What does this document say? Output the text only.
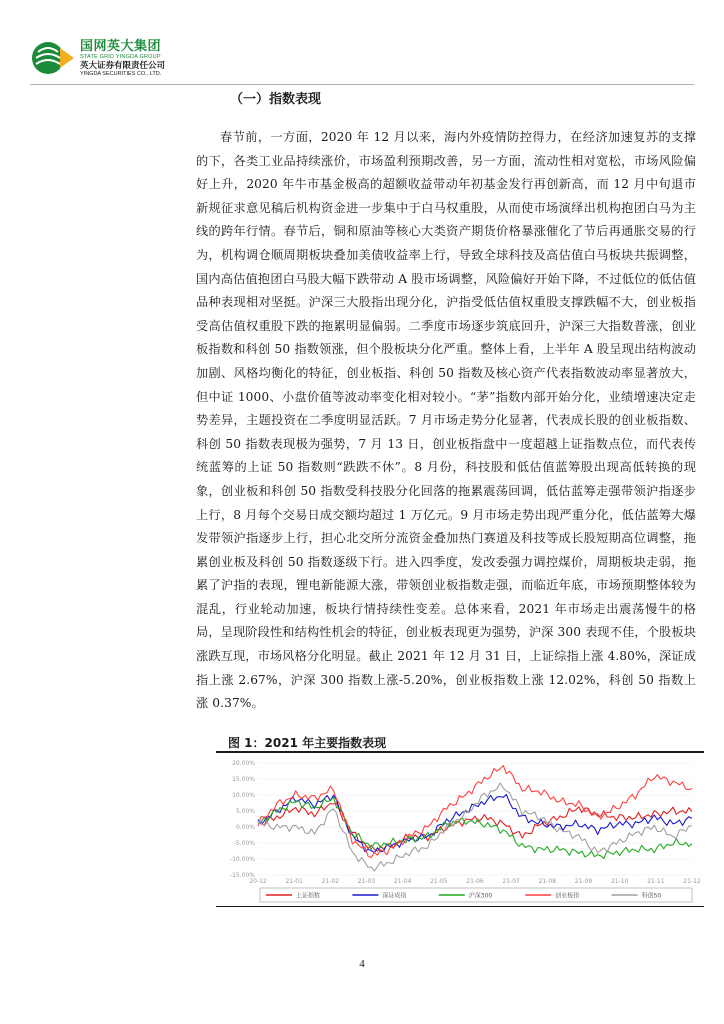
国网英大集团
STATE GRID YINGDA GROUP
英大证券有限责任公司
YINGDA SECURITIES CO., LTD.
（一）指数表现

春节前，一方面，2020 年 12 月以来，海内外疫情防控得力，在经济加速复苏的支撑的下，各类工业品持续涨价，市场盈利预期改善，另一方面，流动性相对宽松，市场风险偏好上升，2020 年牛市基金极高的超额收益带动年初基金发行再创新高，而 12 月中旬退市新规征求意见稿后机构资金进一步集中于白马权重股，从而使市场演绎出机构抱团白马为主线的跨年行情。春节后，铜和原油等核心大类资产期货价格暴涨催化了节后再通胀交易的行为，机构调仓顺周期板块叠加美债收益率上行，导致全球科技及高估值白马板块共振调整，国内高估值抱团白马股大幅下跌带动 A 股市场调整，风险偏好开始下降，不过低位的低估值品种表现相对坚挺。沪深三大股指出现分化，沪指受低估值权重股支撑跌幅不大，创业板指受高估值权重股下跌的拖累明显偏弱。二季度市场逐步筑底回升，沪深三大指数普涨，创业板指数和科创 50 指数领涨，但个股板块分化严重。整体上看，上半年 A 股呈现出结构波动加剧、风格均衡化的特征，创业板指、科创 50 指数及核心资产代表指数波动率显著放大，但中证 1000、小盘价值等波动率变化相对较小。“茅”指数内部开始分化，业绩增速决定走势差异，主题投资在二季度明显活跃。7 月市场走势分化显著，代表成长股的创业板指数、科创 50 指数表现极为强势，7 月 13 日，创业板指盘中一度超越上证指数点位，而代表传统蓝筹的上证 50 指数则“跌跌不休”。8 月份，科技股和低估值蓝筹股出现高低转换的现象，创业板和科创 50 指数受科技股分化回落的拖累震荡回调，低估蓝筹走强带领沪指逐步上行，8 月每个交易日成交额均超过 1 万亿元。9 月市场走势出现严重分化，低估蓝筹大爆发带领沪指逐步上行，担心北交所分流资金叠加热门赛道及科技等成长股短期高位调整，拖累创业板及科创 50 指数逐级下行。进入四季度，发改委强力调控煤价，周期板块走弱，拖累了沪指的表现，锂电新能源大涨，带领创业板指数走强，而临近年底，市场预期整体较为混乱，行业轮动加速，板块行情持续性变差。总体来看，2021 年市场走出震荡慢牛的格局，呈现阶段性和结构性机会的特征，创业板表现更为强势，沪深 300 表现不佳，个股板块涨跌互现，市场风格分化明显。截止 2021 年 12 月 31 日，上证综指上涨 4.80%，深证成指上涨 2.67%，沪深 300 指数上涨-5.20%，创业板指数上涨 12.02%，科创 50 指数上涨 0.37%。

图 1：2021 年主要指数表现
20.00%
15.00%
10.00%
5.00%
0.00%
-5.00%
-10.00%
-15.00%
20-12	21-01	21-02	21-03	21-04	21-05	21-06	21-07	21-08	21-09	21-10	21-11	21-12
上证指数	深证成指	沪深300	创业板指	科创50
4
